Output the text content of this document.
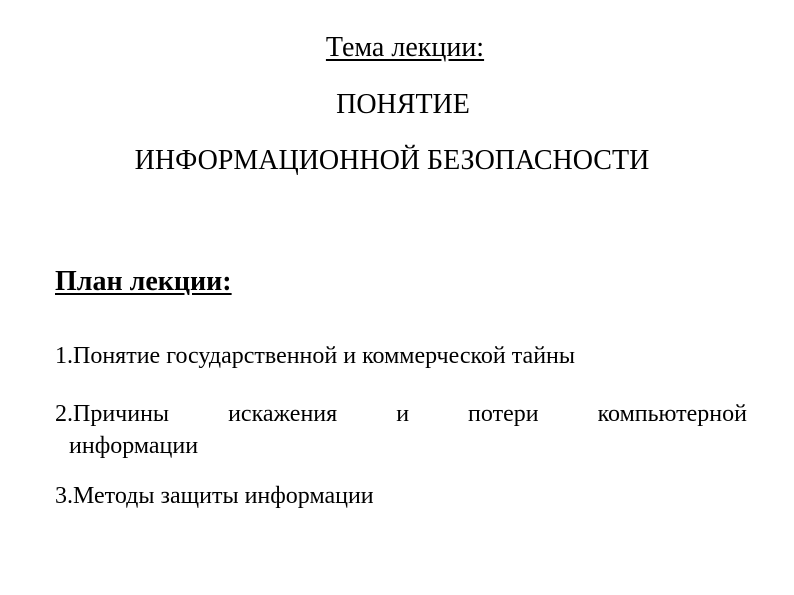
Тема лекции:
ПОНЯТИЕ
ИНФОРМАЦИОННОЙ БЕЗОПАСНОСТИ
План лекции:
1.Понятие государственной и коммерческой тайны
2.Причины искажения и потери компьютерной
информации
3.Методы защиты информации
